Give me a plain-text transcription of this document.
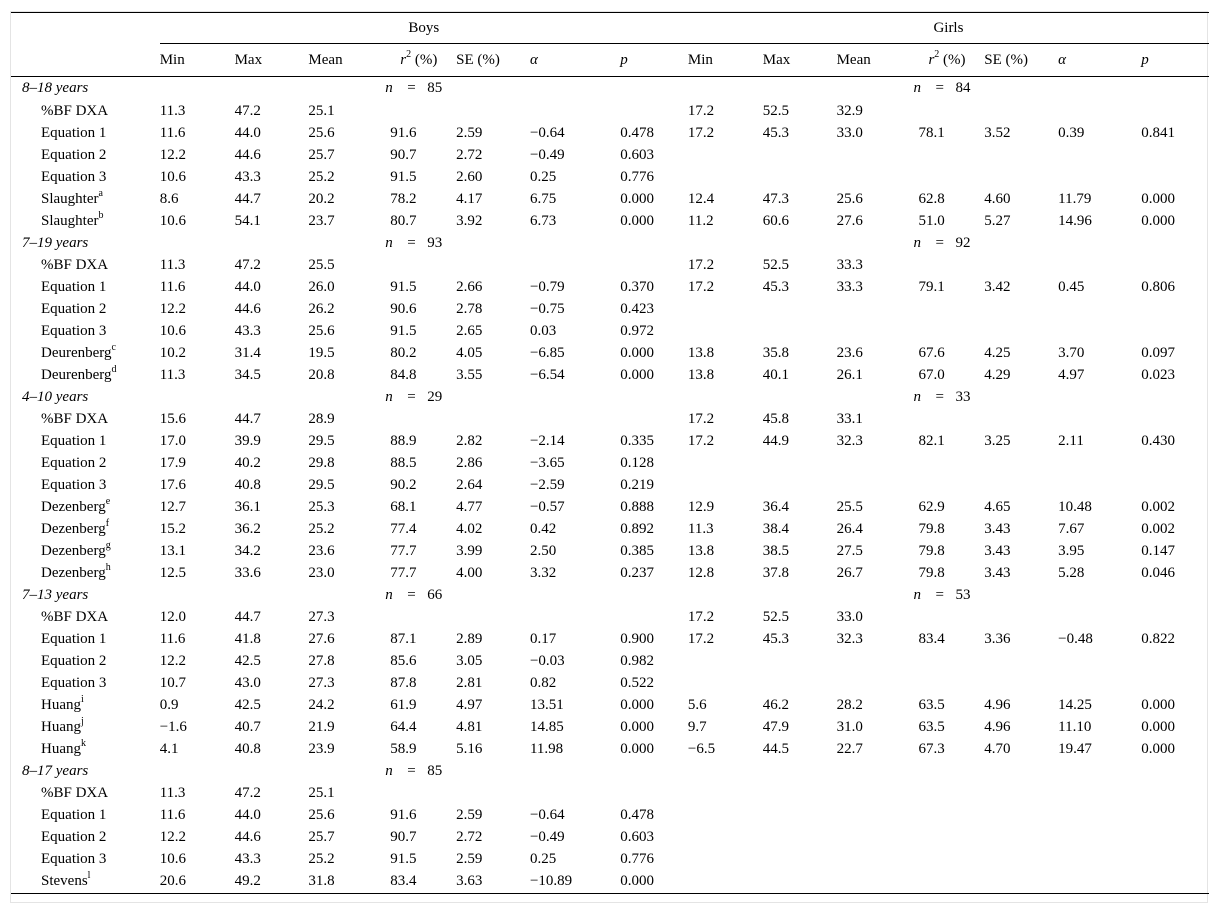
	Boys							Girls						
	Min	Max	Mean	$r^2$ (%)	SE (%)	α	p	Min	Max	Mean	$r^2$ (%)	SE (%)	α	p
8–18 years				n = 85							n = 84			
%BF DXA	11.3	47.2	25.1					17.2	52.5	32.9				
Equation 1	11.6	44.0	25.6	91.6	2.59	−0.64	0.478	17.2	45.3	33.0	78.1	3.52	0.39	0.841
Equation 2	12.2	44.6	25.7	90.7	2.72	−0.49	0.603							
Equation 3	10.6	43.3	25.2	91.5	2.60	0.25	0.776							
Slaughter$^a$	8.6	44.7	20.2	78.2	4.17	6.75	0.000	12.4	47.3	25.6	62.8	4.60	11.79	0.000
Slaughter$^b$	10.6	54.1	23.7	80.7	3.92	6.73	0.000	11.2	60.6	27.6	51.0	5.27	14.96	0.000
7–19 years				n = 93							n = 92			
%BF DXA	11.3	47.2	25.5					17.2	52.5	33.3				
Equation 1	11.6	44.0	26.0	91.5	2.66	−0.79	0.370	17.2	45.3	33.3	79.1	3.42	0.45	0.806
Equation 2	12.2	44.6	26.2	90.6	2.78	−0.75	0.423							
Equation 3	10.6	43.3	25.6	91.5	2.65	0.03	0.972							
Deurenberg$^c$	10.2	31.4	19.5	80.2	4.05	−6.85	0.000	13.8	35.8	23.6	67.6	4.25	3.70	0.097
Deurenberg$^d$	11.3	34.5	20.8	84.8	3.55	−6.54	0.000	13.8	40.1	26.1	67.0	4.29	4.97	0.023
4–10 years				n = 29							n = 33			
%BF DXA	15.6	44.7	28.9					17.2	45.8	33.1				
Equation 1	17.0	39.9	29.5	88.9	2.82	−2.14	0.335	17.2	44.9	32.3	82.1	3.25	2.11	0.430
Equation 2	17.9	40.2	29.8	88.5	2.86	−3.65	0.128							
Equation 3	17.6	40.8	29.5	90.2	2.64	−2.59	0.219							
Dezenberg$^e$	12.7	36.1	25.3	68.1	4.77	−0.57	0.888	12.9	36.4	25.5	62.9	4.65	10.48	0.002
Dezenberg$^f$	15.2	36.2	25.2	77.4	4.02	0.42	0.892	11.3	38.4	26.4	79.8	3.43	7.67	0.002
Dezenberg$^g$	13.1	34.2	23.6	77.7	3.99	2.50	0.385	13.8	38.5	27.5	79.8	3.43	3.95	0.147
Dezenberg$^h$	12.5	33.6	23.0	77.7	4.00	3.32	0.237	12.8	37.8	26.7	79.8	3.43	5.28	0.046
7–13 years				n = 66							n = 53			
%BF DXA	12.0	44.7	27.3					17.2	52.5	33.0				
Equation 1	11.6	41.8	27.6	87.1	2.89	0.17	0.900	17.2	45.3	32.3	83.4	3.36	−0.48	0.822
Equation 2	12.2	42.5	27.8	85.6	3.05	−0.03	0.982							
Equation 3	10.7	43.0	27.3	87.8	2.81	0.82	0.522							
Huang$^i$	0.9	42.5	24.2	61.9	4.97	13.51	0.000	5.6	46.2	28.2	63.5	4.96	14.25	0.000
Huang$^j$	−1.6	40.7	21.9	64.4	4.81	14.85	0.000	9.7	47.9	31.0	63.5	4.96	11.10	0.000
Huang$^k$	4.1	40.8	23.9	58.9	5.16	11.98	0.000	−6.5	44.5	22.7	67.3	4.70	19.47	0.000
8–17 years				n = 85										
%BF DXA	11.3	47.2	25.1											
Equation 1	11.6	44.0	25.6	91.6	2.59	−0.64	0.478							
Equation 2	12.2	44.6	25.7	90.7	2.72	−0.49	0.603							
Equation 3	10.6	43.3	25.2	91.5	2.59	0.25	0.776							
Stevens$^l$	20.6	49.2	31.8	83.4	3.63	−10.89	0.000							
